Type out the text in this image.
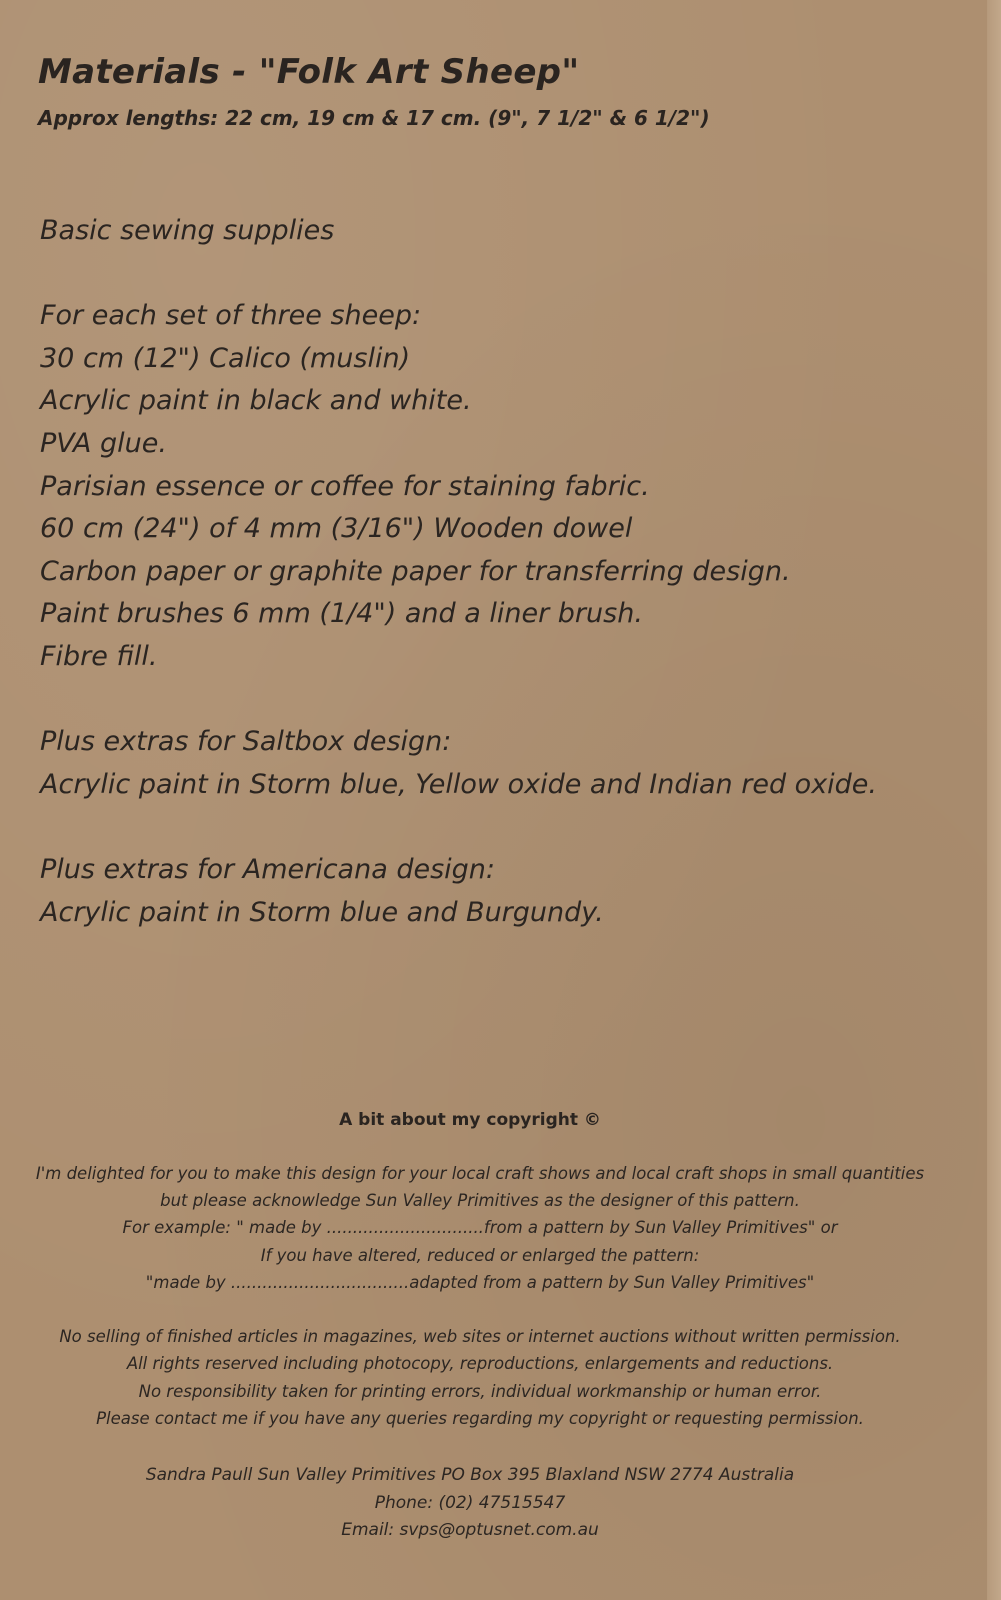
Materials - "Folk Art Sheep"
Approx lengths: 22 cm, 19 cm & 17 cm. (9", 7 1/2" & 6 1/2")
Basic sewing supplies
For each set of three sheep:
30 cm (12") Calico (muslin)
Acrylic paint in black and white.
PVA glue.
Parisian essence or coffee for staining fabric.
60 cm (24") of 4 mm (3/16") Wooden dowel
Carbon paper or graphite paper for transferring design.
Paint brushes 6 mm (1/4") and a liner brush.
Fibre fill.
Plus extras for Saltbox design:
Acrylic paint in Storm blue, Yellow oxide and Indian red oxide.
Plus extras for Americana design:
Acrylic paint in Storm blue and Burgundy.
A bit about my copyright ©
I'm delighted for you to make this design for your local craft shows and local craft shops in small quantities
but please acknowledge Sun Valley Primitives as the designer of this pattern.
For example: " made by ..............................from a pattern by Sun Valley Primitives" or
If you have altered, reduced or enlarged the pattern:
"made by ..................................adapted from a pattern by Sun Valley Primitives"
No selling of finished articles in magazines, web sites or internet auctions without written permission.
All rights reserved including photocopy, reproductions, enlargements and reductions.
No responsibility taken for printing errors, individual workmanship or human error.
Please contact me if you have any queries regarding my copyright or requesting permission.
Sandra Paull Sun Valley Primitives PO Box 395 Blaxland NSW 2774 Australia
Phone: (02) 47515547
Email: svps@optusnet.com.au
